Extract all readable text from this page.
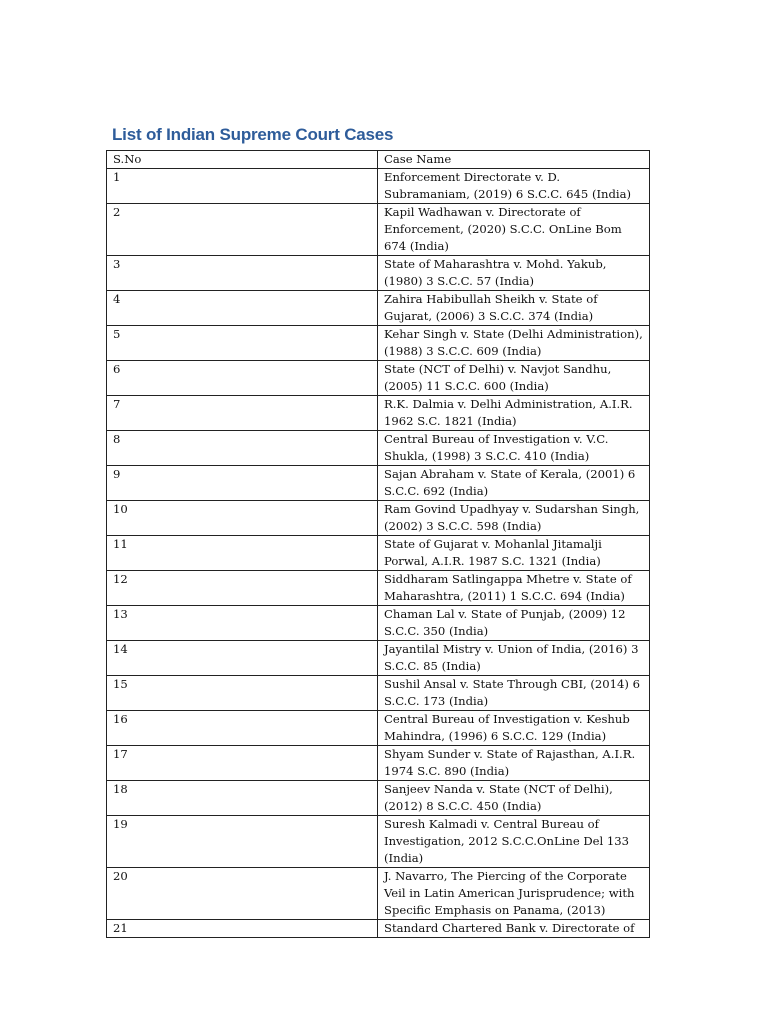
List of Indian Supreme Court Cases
S.No	Case Name
1	Enforcement Directorate v. D.
Subramaniam, (2019) 6 S.C.C. 645 (India)

2	Kapil Wadhawan v. Directorate of
Enforcement, (2020) S.C.C. OnLine Bom
674 (India)

3	State of Maharashtra v. Mohd. Yakub,
(1980) 3 S.C.C. 57 (India)

4	Zahira Habibullah Sheikh v. State of
Gujarat, (2006) 3 S.C.C. 374 (India)

5	Kehar Singh v. State (Delhi Administration),
(1988) 3 S.C.C. 609 (India)

6	State (NCT of Delhi) v. Navjot Sandhu,
(2005) 11 S.C.C. 600 (India)

7	R.K. Dalmia v. Delhi Administration, A.I.R.
1962 S.C. 1821 (India)

8	Central Bureau of Investigation v. V.C.
Shukla, (1998) 3 S.C.C. 410 (India)

9	Sajan Abraham v. State of Kerala, (2001) 6
S.C.C. 692 (India)

10	Ram Govind Upadhyay v. Sudarshan Singh,
(2002) 3 S.C.C. 598 (India)

11	State of Gujarat v. Mohanlal Jitamalji
Porwal, A.I.R. 1987 S.C. 1321 (India)

12	Siddharam Satlingappa Mhetre v. State of
Maharashtra, (2011) 1 S.C.C. 694 (India)

13	Chaman Lal v. State of Punjab, (2009) 12
S.C.C. 350 (India)

14	Jayantilal Mistry v. Union of India, (2016) 3
S.C.C. 85 (India)

15	Sushil Ansal v. State Through CBI, (2014) 6
S.C.C. 173 (India)

16	Central Bureau of Investigation v. Keshub
Mahindra, (1996) 6 S.C.C. 129 (India)

17	Shyam Sunder v. State of Rajasthan, A.I.R.
1974 S.C. 890 (India)

18	Sanjeev Nanda v. State (NCT of Delhi),
(2012) 8 S.C.C. 450 (India)

19	Suresh Kalmadi v. Central Bureau of
Investigation, 2012 S.C.C.OnLine Del 133
(India)

20	J. Navarro, The Piercing of the Corporate
Veil in Latin American Jurisprudence; with
Specific Emphasis on Panama, (2013)

21	Standard Chartered Bank v. Directorate of
